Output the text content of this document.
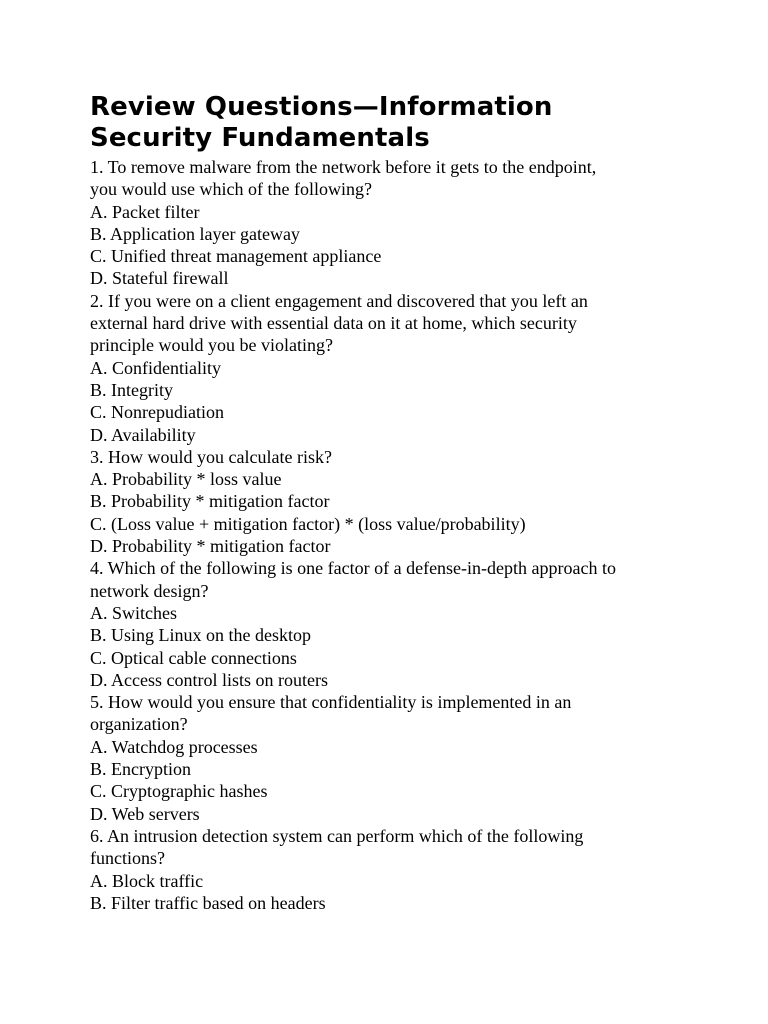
Review Questions—Information
Security Fundamentals

1. To remove malware from the network before it gets to the endpoint,

you would use which of the following?

A. Packet filter

B. Application layer gateway

C. Unified threat management appliance

D. Stateful firewall

2. If you were on a client engagement and discovered that you left an

external hard drive with essential data on it at home, which security

principle would you be violating?

A. Confidentiality

B. Integrity

C. Nonrepudiation

D. Availability

3. How would you calculate risk?

A. Probability * loss value

B. Probability * mitigation factor

C. (Loss value + mitigation factor) * (loss value/probability)

D. Probability * mitigation factor

4. Which of the following is one factor of a defense-in-depth approach to

network design?

A. Switches

B. Using Linux on the desktop

C. Optical cable connections

D. Access control lists on routers

5. How would you ensure that confidentiality is implemented in an

organization?

A. Watchdog processes

B. Encryption

C. Cryptographic hashes

D. Web servers

6. An intrusion detection system can perform which of the following

functions?

A. Block traffic

B. Filter traffic based on headers
